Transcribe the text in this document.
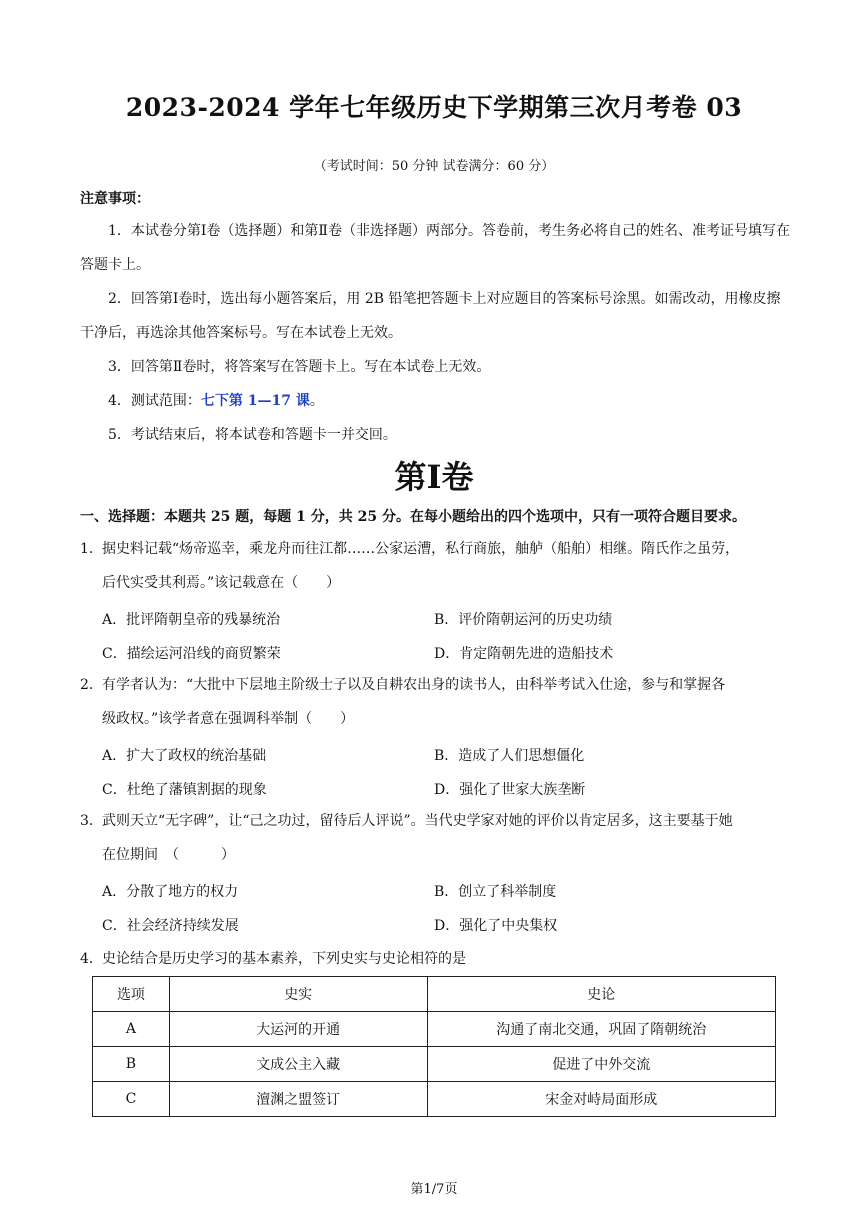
2023-2024 学年七年级历史下学期第三次月考卷 03
（考试时间：50 分钟 试卷满分：60 分）
注意事项：
1．本试卷分第Ⅰ卷（选择题）和第Ⅱ卷（非选择题）两部分。答卷前，考生务必将自己的姓名、准考证号填写在答题卡上。
2．回答第Ⅰ卷时，选出每小题答案后，用 2B 铅笔把答题卡上对应题目的答案标号涂黑。如需改动，用橡皮擦干净后，再选涂其他答案标号。写在本试卷上无效。
3．回答第Ⅱ卷时，将答案写在答题卡上。写在本试卷上无效。
4．测试范围：七下第 1—17 课。
5．考试结束后，将本试卷和答题卡一并交回。
第Ⅰ卷
一、选择题：本题共 25 题，每题 1 分，共 25 分。在每小题给出的四个选项中，只有一项符合题目要求。
1．据史料记载“炀帝巡幸，乘龙舟而往江都……公家运漕，私行商旅，舳舻（船舶）相继。隋氏作之虽劳，
后代实受其利焉。”该记载意在（　　）
A．批评隋朝皇帝的残暴统治	B．评价隋朝运河的历史功绩
C．描绘运河沿线的商贸繁荣	D．肯定隋朝先进的造船技术
2．有学者认为：“大批中下层地主阶级士子以及自耕农出身的读书人，由科举考试入仕途，参与和掌握各
级政权。”该学者意在强调科举制（　　）
A．扩大了政权的统治基础	B．造成了人们思想僵化
C．杜绝了藩镇割据的现象	D．强化了世家大族垄断
3．武则天立“无字碑”，让“己之功过，留待后人评说”。当代史学家对她的评价以肯定居多，这主要基于她
在位期间　（　　　）
A．分散了地方的权力	B．创立了科举制度
C．社会经济持续发展	D．强化了中央集权
4．史论结合是历史学习的基本素养，下列史实与史论相符的是
选项	史实	史论
A	大运河的开通	沟通了南北交通，巩固了隋朝统治
B	文成公主入藏	促进了中外交流
C	澶渊之盟签订	宋金对峙局面形成
第1/7页
